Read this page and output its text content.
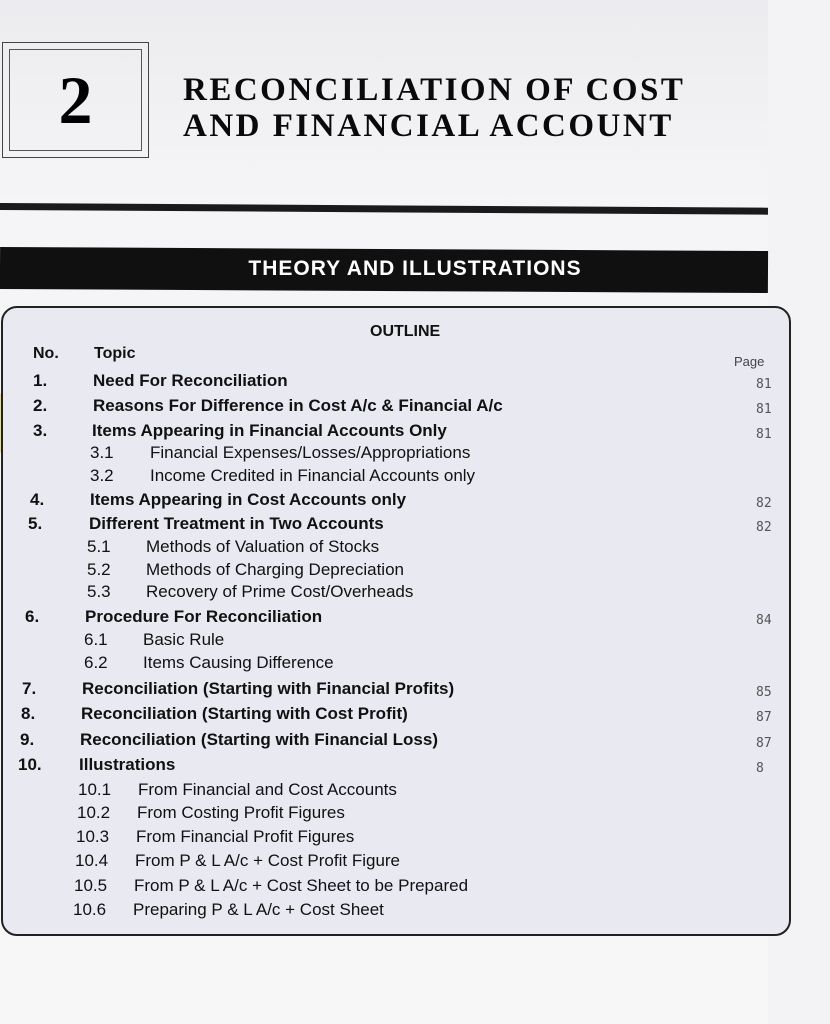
2	RECONCILIATION OF COST
AND FINANCIAL ACCOUNT
THEORY AND ILLUSTRATIONS
OUTLINE
No. Topic	Page
1.	Need For Reconciliation	81
2.	Reasons For Difference in Cost A/c & Financial A/c	81
3.	Items Appearing in Financial Accounts Only	81
3.1 Financial Expenses/Losses/Appropriations
3.2 Income Credited in Financial Accounts only
4.	Items Appearing in Cost Accounts only	82
5.	Different Treatment in Two Accounts	82
5.1 Methods of Valuation of Stocks
5.2 Methods of Charging Depreciation
5.3 Recovery of Prime Cost/Overheads
6.	Procedure For Reconciliation	84
6.1 Basic Rule
6.2 Items Causing Difference
7.	Reconciliation (Starting with Financial Profits)	85
8.	Reconciliation (Starting with Cost Profit)	87
9.	Reconciliation (Starting with Financial Loss)	87
10. Illustrations	8
10.1 From Financial and Cost Accounts
10.2 From Costing Profit Figures
10.3 From Financial Profit Figures
10.4 From P & L A/c + Cost Profit Figure
10.5 From P & L A/c + Cost Sheet to be Prepared
10.6 Preparing P & L A/c + Cost Sheet
